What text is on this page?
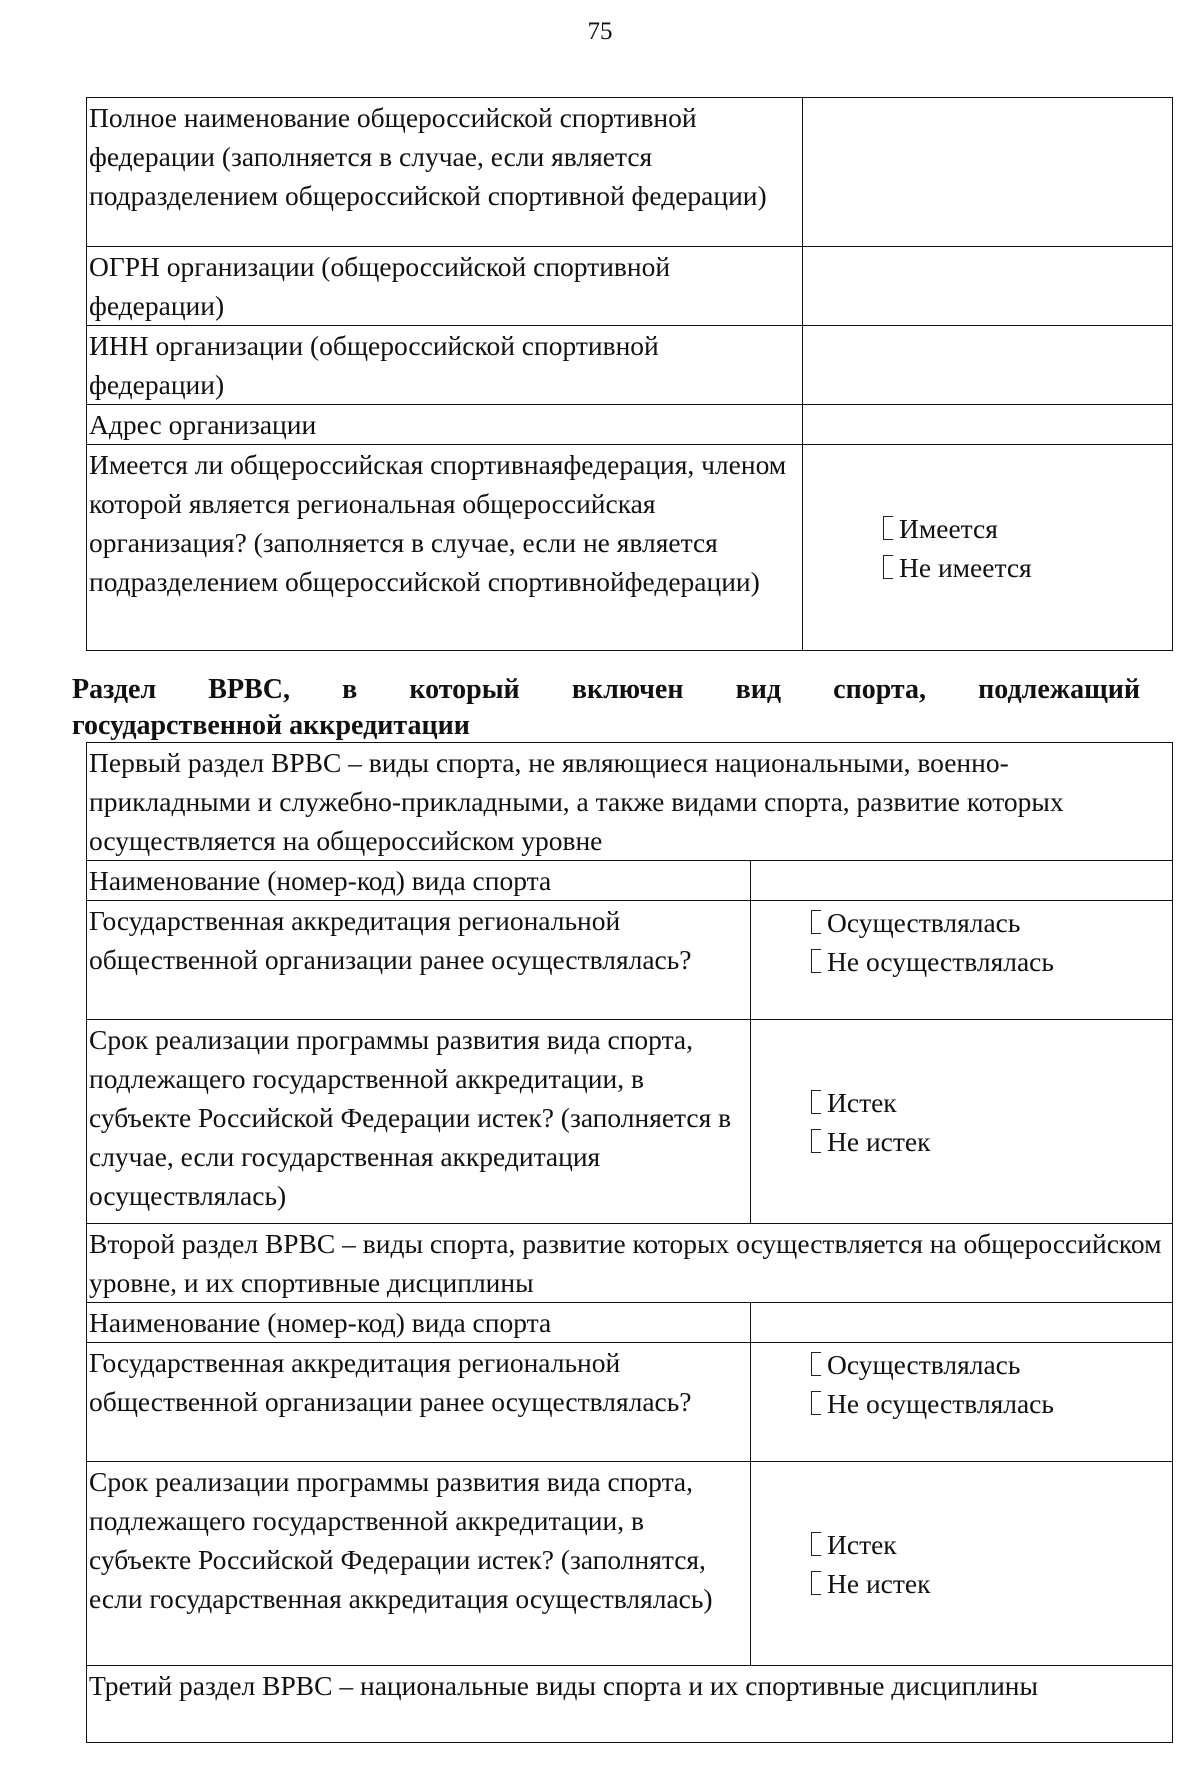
75
Полное наименование общероссийской спортивной федерации (заполняется в случае, если является подразделением общероссийской спортивной федерации)	
ОГРН организации (общероссийской спортивной федерации)	
ИНН организации (общероссийской спортивной федерации)	
Адрес организации	
Имеется ли общероссийская спортивнаяфедерация, членом которой является региональная общероссийская организация? (заполняется в случае, если не является подразделением общероссийской спортивнойфедерации)	Имеется
Не имеется
Раздел ВРВС, в который включен вид спорта, подлежащий
государственной аккредитации
Первый раздел ВРВС – виды спорта, не являющиеся национальными, военно-прикладными и служебно-прикладными, а также видами спорта, развитие которых осуществляется на общероссийском уровне	
Наименование (номер-код) вида спорта	
Государственная аккредитация региональной общественной организации ранее осуществлялась?	Осуществлялась
Не осуществлялась

Срок реализации программы развития вида спорта, подлежащего государственной аккредитации, в субъекте Российской Федерации истек? (заполняется в случае, если государственная аккредитация осуществлялась)	Истек
Не истек

Второй раздел ВРВС – виды спорта, развитие которых осуществляется на общероссийском уровне, и их спортивные дисциплины	
Наименование (номер-код) вида спорта	
Государственная аккредитация региональной общественной организации ранее осуществлялась?	Осуществлялась
Не осуществлялась

Срок реализации программы развития вида спорта, подлежащего государственной аккредитации, в субъекте Российской Федерации истек? (заполнятся, если государственная аккредитация осуществлялась)	Истек
Не истек

Третий раздел ВРВС – национальные виды спорта и их спортивные дисциплины	
